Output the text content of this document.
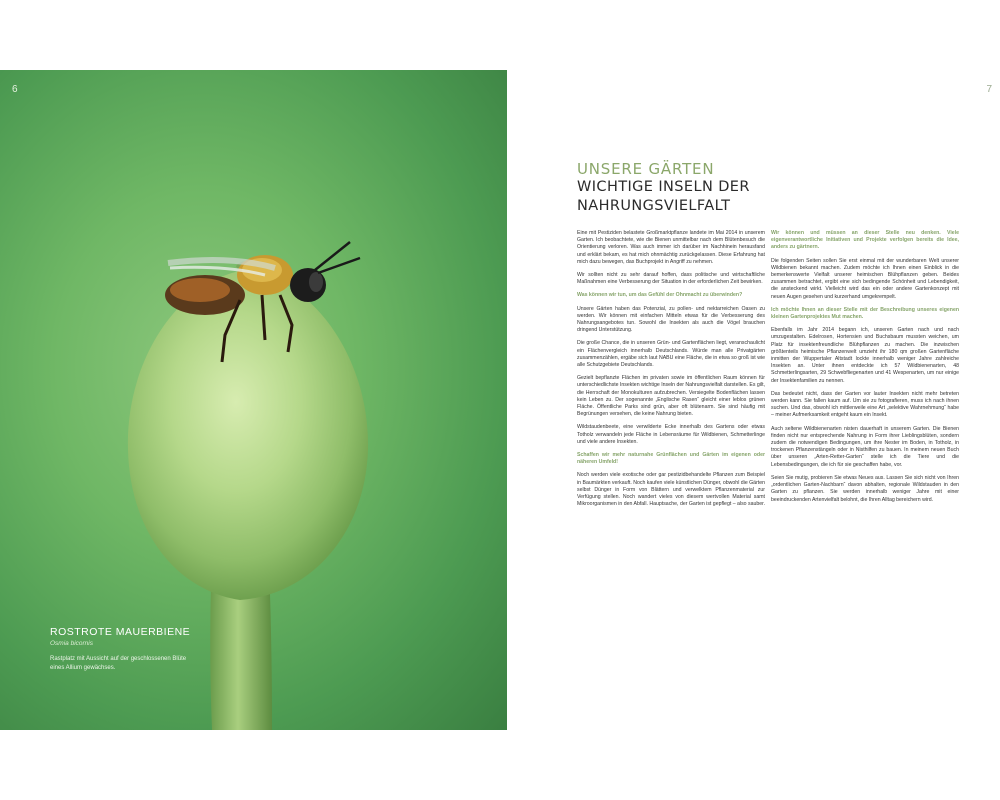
6
ROSTROTE MAUERBIENE
Osmia bicornis
Rastplatz mit Aussicht auf der geschlossenen Blüte eines Allium gewächses.
7
UNSERE GÄRTEN
WICHTIGE INSELN DER NAHRUNGSVIELFALT

Eine mit Pestiziden belastete Großmarktpflanze landete im Mai 2014 in unserem Garten. Ich beobachtete, wie die Bienen unmittelbar nach dem Blütenbesuch die Orientierung verloren. Was auch immer ich darüber im Nachhinein herausfand und erklärt bekam, es hat mich ohnmächtig zurückgelassen. Diese Erfahrung hat mich dazu bewegen, das Buchprojekt in Angriff zu nehmen.

Wir sollten nicht zu sehr darauf hoffen, dass politische und wirtschaftliche Maßnahmen eine Verbesserung der Situation in der erforderlichen Zeit bewirken.

Was können wir tun, um das Gefühl der Ohnmacht zu überwinden?

Unsere Gärten haben das Potenzial, zu pollen- und nektarreichen Oasen zu werden. Wir können mit einfachen Mitteln etwas für die Verbesserung des Nahrungsangebotes tun. Sowohl die Insekten als auch die Vögel brauchen dringend Unterstützung.

Die große Chance, die in unseren Grün- und Gartenflächen liegt, veranschaulicht ein Flächenvergleich innerhalb Deutschlands. Würde man alle Privatgärten zusammenzählen, ergäbe sich laut NABU eine Fläche, die in etwa so groß ist wie alle Schutzgebiete Deutschlands.

Gezielt bepflanzte Flächen im privaten sowie im öffentlichen Raum können für unterschiedlichste Insekten wichtige Inseln der Nahrungsvielfalt darstellen. Es gilt, die Herrschaft der Monokulturen aufzubrechen. Versiegelte Bodenflächen lassen kein Leben zu. Der sogenannte „Englische Rasen“ gleicht einer leblos grünen Fläche. Öffentliche Parks sind grün, aber oft blütenarm. Sie sind häufig mit Begrünungen versehen, die keine Nahrung bieten.

Wildstaudenbeete, eine verwilderte Ecke innerhalb des Gartens oder etwas Totholz verwandeln jede Fläche in Lebensräume für Wildbienen, Schmetterlinge und viele andere Insekten.

Schaffen wir mehr naturnahe Grünflächen und Gärten im eigenen oder näheren Umfeld!

Noch werden viele exotische oder gar pestizidbehandelte Pflanzen zum Beispiel in Baumärkten verkauft. Noch kaufen viele künstlichen Dünger, obwohl die Gärten selbst Dünger in Form von Blättern und verwelktem Pflanzenmaterial zur Verfügung stellen. Noch wandert vieles von diesem wertvollen Material samt Mikroorganismen in den Abfall. Hauptsache, der Garten ist gepflegt – also sauber.

Wir können und müssen an dieser Stelle neu denken. Viele eigenverantwortliche Initiativen und Projekte verfolgen bereits die Idee, anders zu gärtnern.

Die folgenden Seiten sollen Sie erst einmal mit der wunderbaren Welt unserer Wildbienen bekannt machen. Zudem möchte ich Ihnen einen Einblick in die bemerkenswerte Vielfalt unserer heimischen Blühpflanzen geben. Beides zusammen betrachtet, ergibt eine sich bedingende Schönheit und Lebendigkeit, die ansteckend wirkt. Vielleicht wird das ein oder andere Gartenkonzept mit neuen Augen gesehen und kurzerhand umgekrempelt.

Ich möchte Ihnen an dieser Stelle mit der Beschreibung unseres eigenen kleinen Gartenprojektes Mut machen.

Ebenfalls im Jahr 2014 begann ich, unseren Garten nach und nach umzugestalten. Edelrosen, Hortensien und Buchsbaum mussten weichen, um Platz für insektenfreundliche Blühpflanzen zu machen. Die inzwischen größtenteils heimische Pflanzenwelt umzieht ihr 180 qm großen Gartenfläche inmitten der Wuppertaler Altstadt lockte innerhalb weniger Jahre zahlreiche Insekten an. Unter ihnen entdeckte ich 57 Wildbienenarten, 48 Schmetterlingsarten, 29 Schwebfliegenarten und 41 Wespenarten, um nur einige der Insektenfamilien zu nennen.

Das bedeutet nicht, dass der Garten vor lauter Insekten nicht mehr betreten werden kann. Sie fallen kaum auf. Um sie zu fotografieren, muss ich nach ihnen suchen. Und das, obwohl ich mittlerweile eine Art „selektive Wahrnehmung“ habe – meiner Aufmerksamkeit entgeht kaum ein Insekt.

Auch seltene Wildbienenarten nisten dauerhaft in unserem Garten. Die Bienen finden nicht nur entsprechende Nahrung in Form ihrer Lieblingsblüten, sondern zudem die notwendigen Bedingungen, um ihre Nester im Boden, in Totholz, in trockenen Pflanzenstängeln oder in Nisthilfen zu bauen. In meinem neuen Buch über unseren „Arten-Retter-Garten“ stelle ich die Tiere und die Lebensbedingungen, die ich für sie geschaffen habe, vor.

Seien Sie mutig, probieren Sie etwas Neues aus. Lassen Sie sich nicht von Ihren „ordentlichen Garten-Nachbarn“ davon abhalten, regionale Wildstauden in den Garten zu pflanzen. Sie werden innerhalb weniger Jahre mit einer beeindruckenden Artenvielfalt belohnt, die Ihren Alltag bereichern wird.
